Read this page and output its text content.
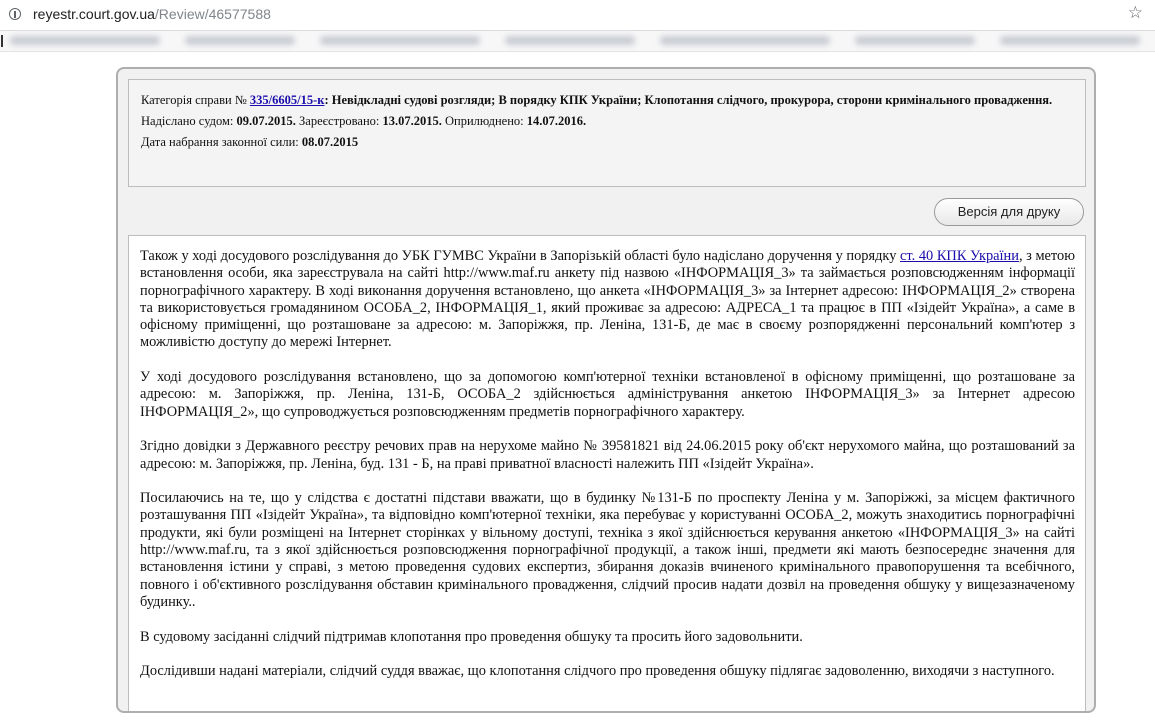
reyestr.court.gov.ua/Review/46577588	☆
Категорія справи № 335/6605/15-к: Невідкладні судові розгляди; В порядку КПК України; Клопотання слідчого, прокурора, сторони кримінального провадження.
Надіслано судом: 09.07.2015. Зареєстровано: 13.07.2015. Оприлюднено: 14.07.2016.
Дата набрання законної сили: 08.07.2015
Версія для друку

Також у ході досудового розслідування до УБК ГУМВС України в Запорізькій області було надіслано доручення у порядку ст. 40 КПК України, з метою встановлення особи, яка зареєструвала на сайті http://www.maf.ru анкету під назвою «ІНФОРМАЦІЯ_3» та займається розповсюдженням інформації порнографічного характеру. В ході виконання доручення встановлено, що анкета «ІНФОРМАЦІЯ_3» за Інтернет адресою: ІНФОРМАЦІЯ_2» створена та використовується громадянином ОСОБА_2, ІНФОРМАЦІЯ_1, який проживає за адресою: АДРЕСА_1 та працює в ПП «Ізідейт Україна», а саме в офісному приміщенні, що розташоване за адресою: м. Запоріжжя, пр. Леніна, 131-Б, де має в своєму розпорядженні персональний комп'ютер з можливістю доступу до мережі Інтернет.

У ході досудового розслідування встановлено, що за допомогою комп'ютерної техніки встановленої в офісному приміщенні, що розташоване за адресою: м. Запоріжжя, пр. Леніна, 131-Б, ОСОБА_2 здійснюється адміністрування анкетою ІНФОРМАЦІЯ_3» за Інтернет адресою ІНФОРМАЦІЯ_2», що супроводжується розповсюдженням предметів порнографічного характеру.

Згідно довідки з Державного реєстру речових прав на нерухоме майно № 39581821 від 24.06.2015 року об'єкт нерухомого майна, що розташований за адресою: м. Запоріжжя, пр. Леніна, буд. 131 - Б, на праві приватної власності належить ПП «Ізідейт Україна».

Посилаючись на те, що у слідства є достатні підстави вважати, що в будинку №131-Б по проспекту Леніна у м. Запоріжжі, за місцем фактичного розташування ПП «Ізідейт Україна», та відповідно комп'ютерної техніки, яка перебуває у користуванні ОСОБА_2, можуть знаходитись порнографічні продукти, які були розміщені на Інтернет сторінках у вільному доступі, техніка з якої здійснюється керування анкетою «ІНФОРМАЦІЯ_3» на сайті http://www.maf.ru, та з якої здійснюється розповсюдження порнографічної продукції, а також інші, предмети які мають безпосереднє значення для встановлення істини у справі, з метою проведення судових експертиз, збирання доказів вчиненого кримінального правопорушення та всебічного, повного і об'єктивного розслідування обставин кримінального провадження, слідчий просив надати дозвіл на проведення обшуку у вищезазначеному будинку..

В судовому засіданні слідчий підтримав клопотання про проведення обшуку та просить його задовольнити.

Дослідивши надані матеріали, слідчий суддя вважає, що клопотання слідчого про проведення обшуку підлягає задоволенню, виходячи з наступного.
